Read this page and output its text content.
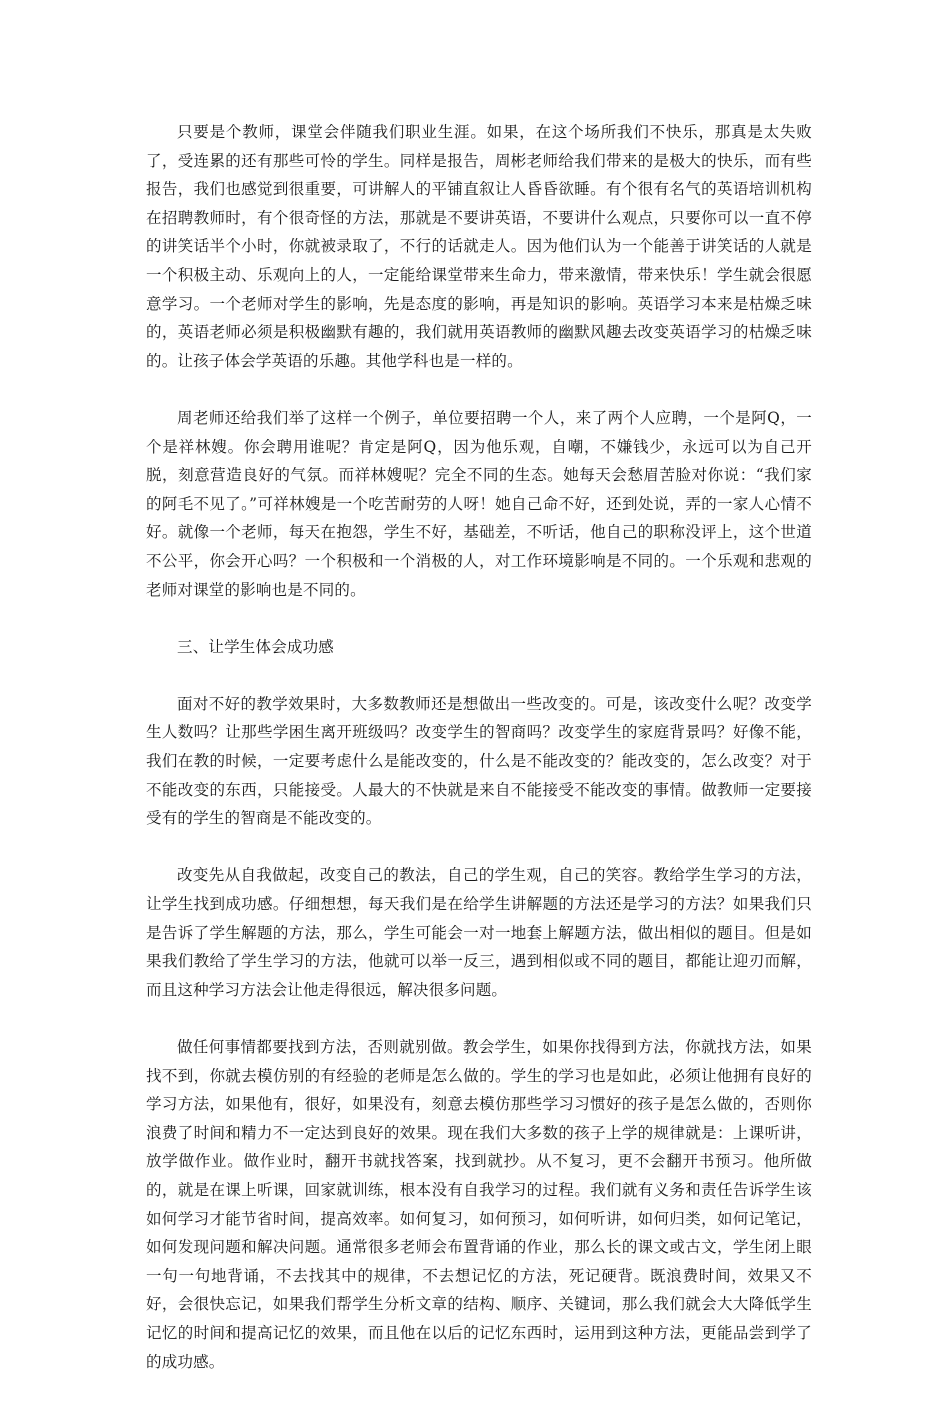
只要是个教师，课堂会伴随我们职业生涯。如果，在这个场所我们不快乐，那真是太失败了，受连累的还有那些可怜的学生。同样是报告，周彬老师给我们带来的是极大的快乐，而有些报告，我们也感觉到很重要，可讲解人的平铺直叙让人昏昏欲睡。有个很有名气的英语培训机构在招聘教师时，有个很奇怪的方法，那就是不要讲英语，不要讲什么观点，只要你可以一直不停的讲笑话半个小时，你就被录取了，不行的话就走人。因为他们认为一个能善于讲笑话的人就是一个积极主动、乐观向上的人，一定能给课堂带来生命力，带来激情，带来快乐！学生就会很愿意学习。一个老师对学生的影响，先是态度的影响，再是知识的影响。英语学习本来是枯燥乏味的，英语老师必须是积极幽默有趣的，我们就用英语教师的幽默风趣去改变英语学习的枯燥乏味的。让孩子体会学英语的乐趣。其他学科也是一样的。

周老师还给我们举了这样一个例子，单位要招聘一个人，来了两个人应聘，一个是阿Q，一个是祥林嫂。你会聘用谁呢？肯定是阿Q，因为他乐观，自嘲，不嫌钱少，永远可以为自己开脱，刻意营造良好的气氛。而祥林嫂呢？完全不同的生态。她每天会愁眉苦脸对你说：“我们家的阿毛不见了。”可祥林嫂是一个吃苦耐劳的人呀！她自己命不好，还到处说，弄的一家人心情不好。就像一个老师，每天在抱怨，学生不好，基础差，不听话，他自己的职称没评上，这个世道不公平，你会开心吗？一个积极和一个消极的人，对工作环境影响是不同的。一个乐观和悲观的老师对课堂的影响也是不同的。

三、让学生体会成功感

面对不好的教学效果时，大多数教师还是想做出一些改变的。可是，该改变什么呢？改变学生人数吗？让那些学困生离开班级吗？改变学生的智商吗？改变学生的家庭背景吗？好像不能，我们在教的时候，一定要考虑什么是能改变的，什么是不能改变的？能改变的，怎么改变？对于不能改变的东西，只能接受。人最大的不快就是来自不能接受不能改变的事情。做教师一定要接受有的学生的智商是不能改变的。

改变先从自我做起，改变自己的教法，自己的学生观，自己的笑容。教给学生学习的方法，让学生找到成功感。仔细想想，每天我们是在给学生讲解题的方法还是学习的方法？如果我们只是告诉了学生解题的方法，那么，学生可能会一对一地套上解题方法，做出相似的题目。但是如果我们教给了学生学习的方法，他就可以举一反三，遇到相似或不同的题目，都能让迎刃而解，而且这种学习方法会让他走得很远，解决很多问题。

做任何事情都要找到方法，否则就别做。教会学生，如果你找得到方法，你就找方法，如果找不到，你就去模仿别的有经验的老师是怎么做的。学生的学习也是如此，必须让他拥有良好的学习方法，如果他有，很好，如果没有，刻意去模仿那些学习习惯好的孩子是怎么做的，否则你浪费了时间和精力不一定达到良好的效果。现在我们大多数的孩子上学的规律就是：上课听讲，放学做作业。做作业时，翻开书就找答案，找到就抄。从不复习，更不会翻开书预习。他所做的，就是在课上听课，回家就训练，根本没有自我学习的过程。我们就有义务和责任告诉学生该如何学习才能节省时间，提高效率。如何复习，如何预习，如何听讲，如何归类，如何记笔记，如何发现问题和解决问题。通常很多老师会布置背诵的作业，那么长的课文或古文，学生闭上眼一句一句地背诵，不去找其中的规律，不去想记忆的方法，死记硬背。既浪费时间，效果又不好，会很快忘记，如果我们帮学生分析文章的结构、顺序、关键词，那么我们就会大大降低学生记忆的时间和提高记忆的效果，而且他在以后的记忆东西时，运用到这种方法，更能品尝到学了的成功感。
